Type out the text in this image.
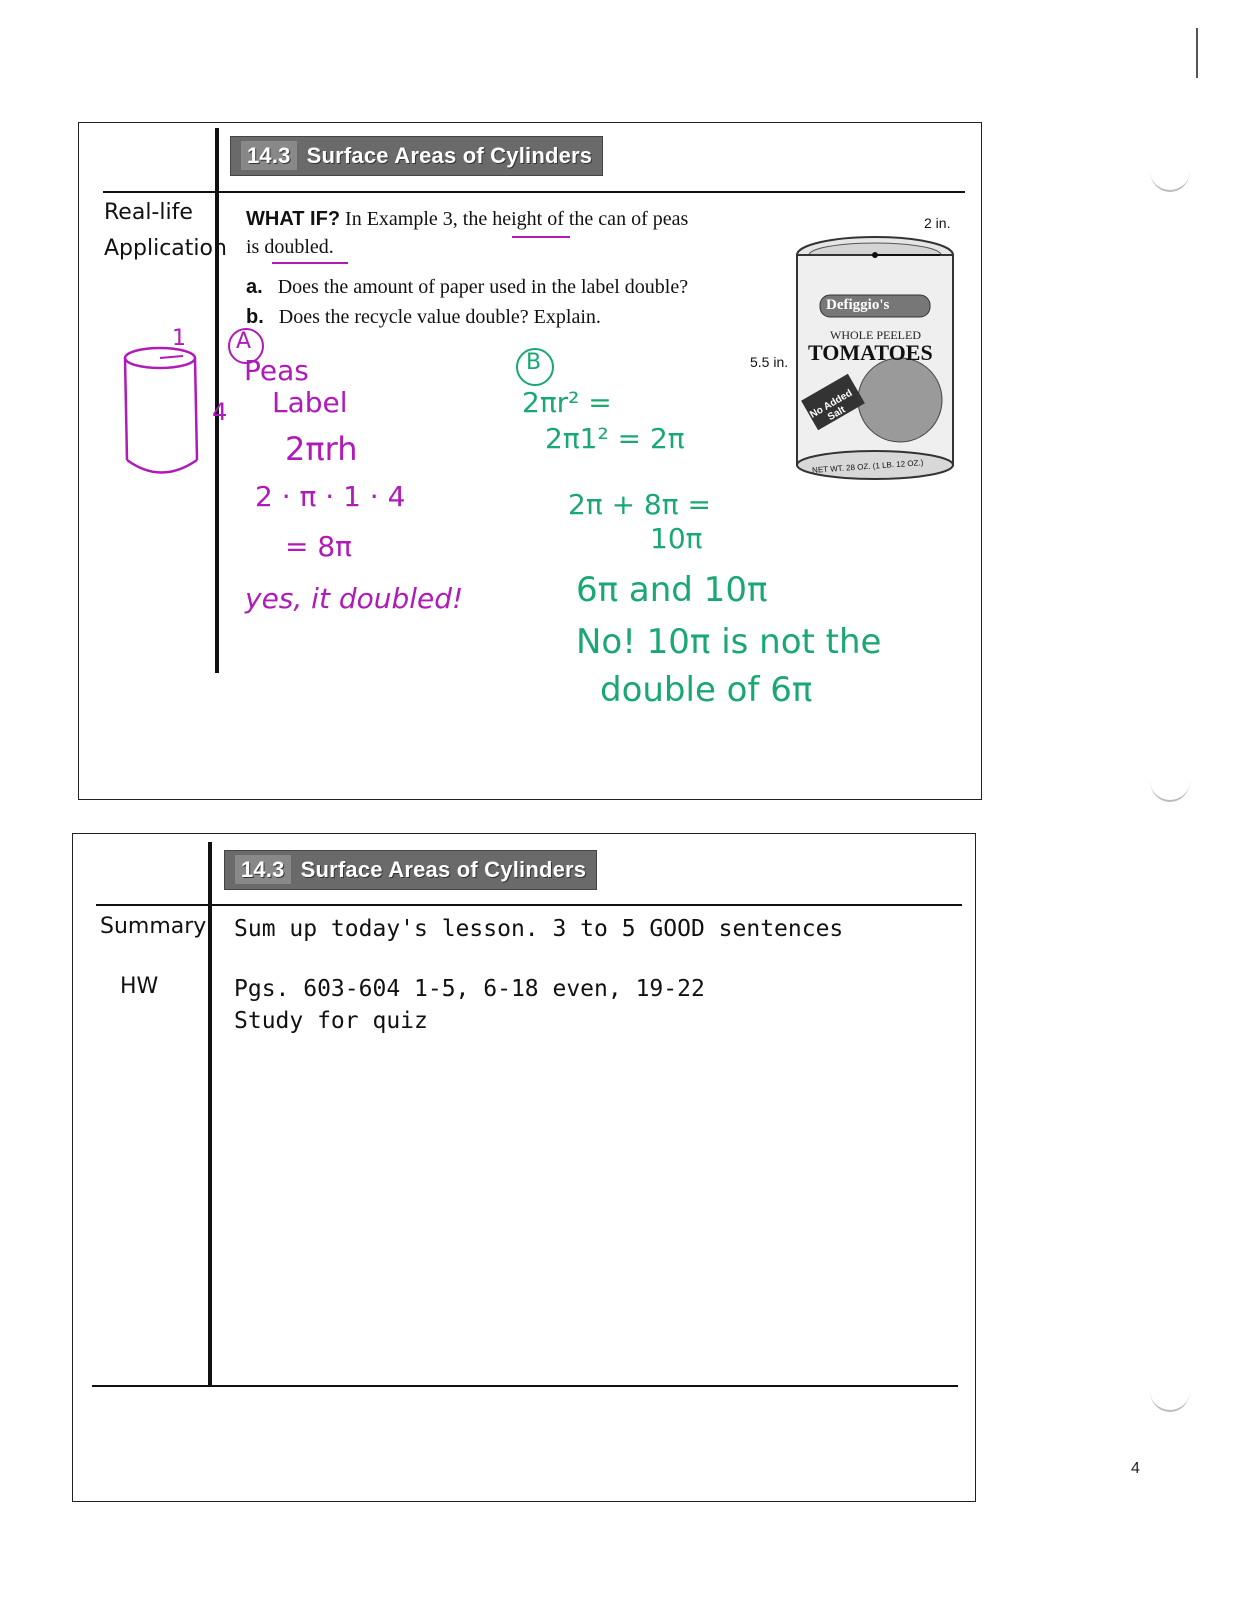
14.3 Surface Areas of Cylinders
Real-life
Application
WHAT IF? In Example 3, the height of the can of peas
is doubled.
a. Does the amount of paper used in the label double?
b. Does the recycle value double? Explain.
2 in.
5.5 in.
Defiggio's
WHOLE PEELED
TOMATOES
No Added Salt
NET WT. 28 OZ. (1 LB. 12 OZ.)
1
4
A
Peas
Label
2πrh
2 · π · 1 · 4
= 8π
yes, it doubled!
B
2πr² =
2π1² = 2π
2π + 8π =
10π
6π and 10π
No! 10π is not the
double of 6π
14.3 Surface Areas of Cylinders
Summary Sum up today's lesson. 3 to 5 GOOD sentences
HW	Pgs. 603-604 1-5, 6-18 even, 19-22
Study for quiz
4
